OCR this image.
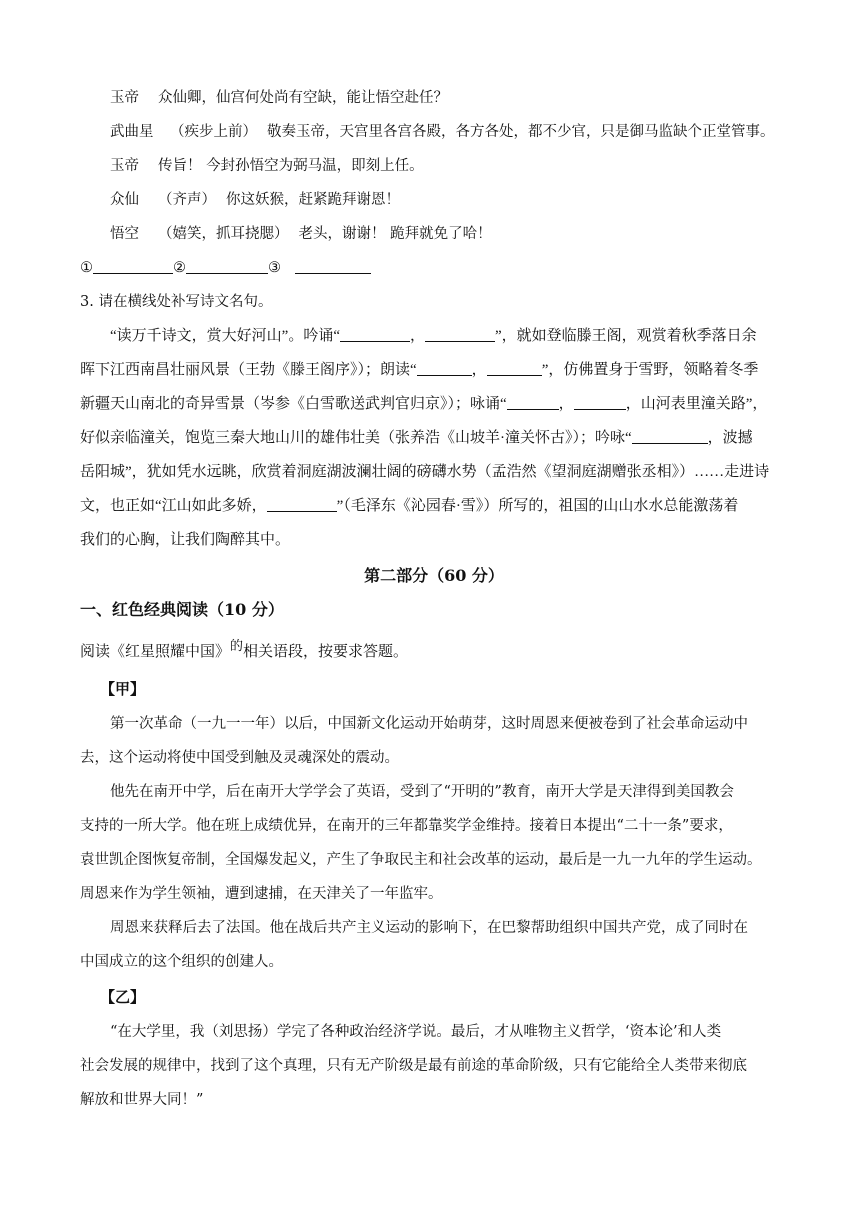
玉帝 众仙卿，仙宫何处尚有空缺，能让悟空赴任？
武曲星 （疾步上前） 敬奏玉帝，天宫里各宫各殿，各方各处，都不少官，只是御马监缺个正堂管事。
玉帝 传旨！ 今封孙悟空为弼马温，即刻上任。
众仙 （齐声） 你这妖猴，赶紧跪拜谢恩！
悟空 （嬉笑，抓耳挠腮） 老头，谢谢！ 跪拜就免了哈！
①	②	③
3. 请在横线处补写诗文名句。
“读万千诗文，赏大好河山”。吟诵“	，	”，就如登临滕王阁，观赏着秋季落日余
晖下江西南昌壮丽风景（王勃《滕王阁序》）；朗读“	，	”，仿佛置身于雪野，领略着冬季
新疆天山南北的奇异雪景（岑参《白雪歌送武判官归京》）；咏诵“	，	，山河表里潼关路”，
好似亲临潼关，饱览三秦大地山川的雄伟壮美（张养浩《山坡羊·潼关怀古》）；吟咏“	，波撼
岳阳城”，犹如凭水远眺，欣赏着洞庭湖波澜壮阔的磅礴水势（孟浩然《望洞庭湖赠张丞相》）……走进诗
文，也正如“江山如此多娇，	”（毛泽东《沁园春·雪》）所写的，祖国的山山水水总能激荡着
我们的心胸，让我们陶醉其中。
第二部分（60 分）
一、红色经典阅读（10 分）
阅读《红星照耀中国》的相关语段，按要求答题。
【甲】
第一次革命（一九一一年）以后，中国新文化运动开始萌芽，这时周恩来便被卷到了社会革命运动中
去，这个运动将使中国受到触及灵魂深处的震动。
他先在南开中学，后在南开大学学会了英语，受到了“开明的”教育，南开大学是天津得到美国教会
支持的一所大学。他在班上成绩优异，在南开的三年都靠奖学金维持。接着日本提出“二十一条”要求，
袁世凯企图恢复帝制，全国爆发起义，产生了争取民主和社会改革的运动，最后是一九一九年的学生运动。
周恩来作为学生领袖，遭到逮捕，在天津关了一年监牢。
周恩来获释后去了法国。他在战后共产主义运动的影响下，在巴黎帮助组织中国共产党，成了同时在
中国成立的这个组织的创建人。
【乙】
“在大学里，我（刘思扬）学完了各种政治经济学说。最后，才从唯物主义哲学，‘资本论’和人类
社会发展的规律中，找到了这个真理，只有无产阶级是最有前途的革命阶级，只有它能给全人类带来彻底
解放和世界大同！”
